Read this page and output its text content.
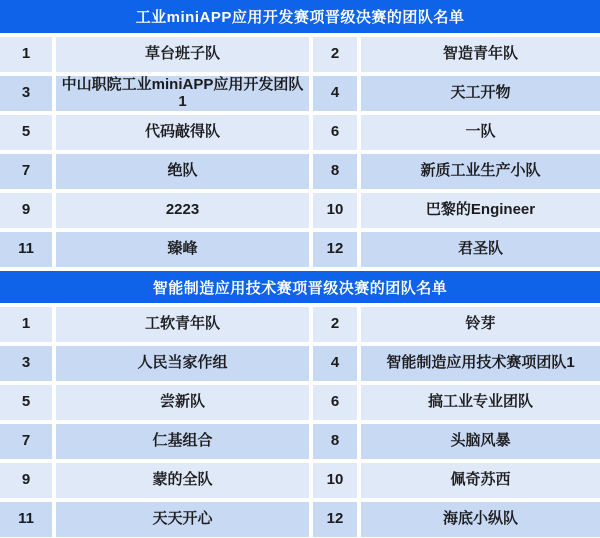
工业miniAPP应用开发赛项晋级决赛的团队名单
1	草台班子队	2	智造青年队
3	中山职院工业miniAPP应用开发团队1	4	天工开物
5	代码敲得队	6	一队
7	绝队	8	新质工业生产小队
9	2223	10	巴黎的Engineer
11	臻峰	12	君圣队
智能制造应用技术赛项晋级决赛的团队名单
1	工软青年队	2	铃芽
3	人民当家作组	4	智能制造应用技术赛项团队1
5	尝新队	6	搞工业专业团队
7	仁基组合	8	头脑风暴
9	蒙的全队	10	佩奇苏西
11	天天开心	12	海底小纵队
